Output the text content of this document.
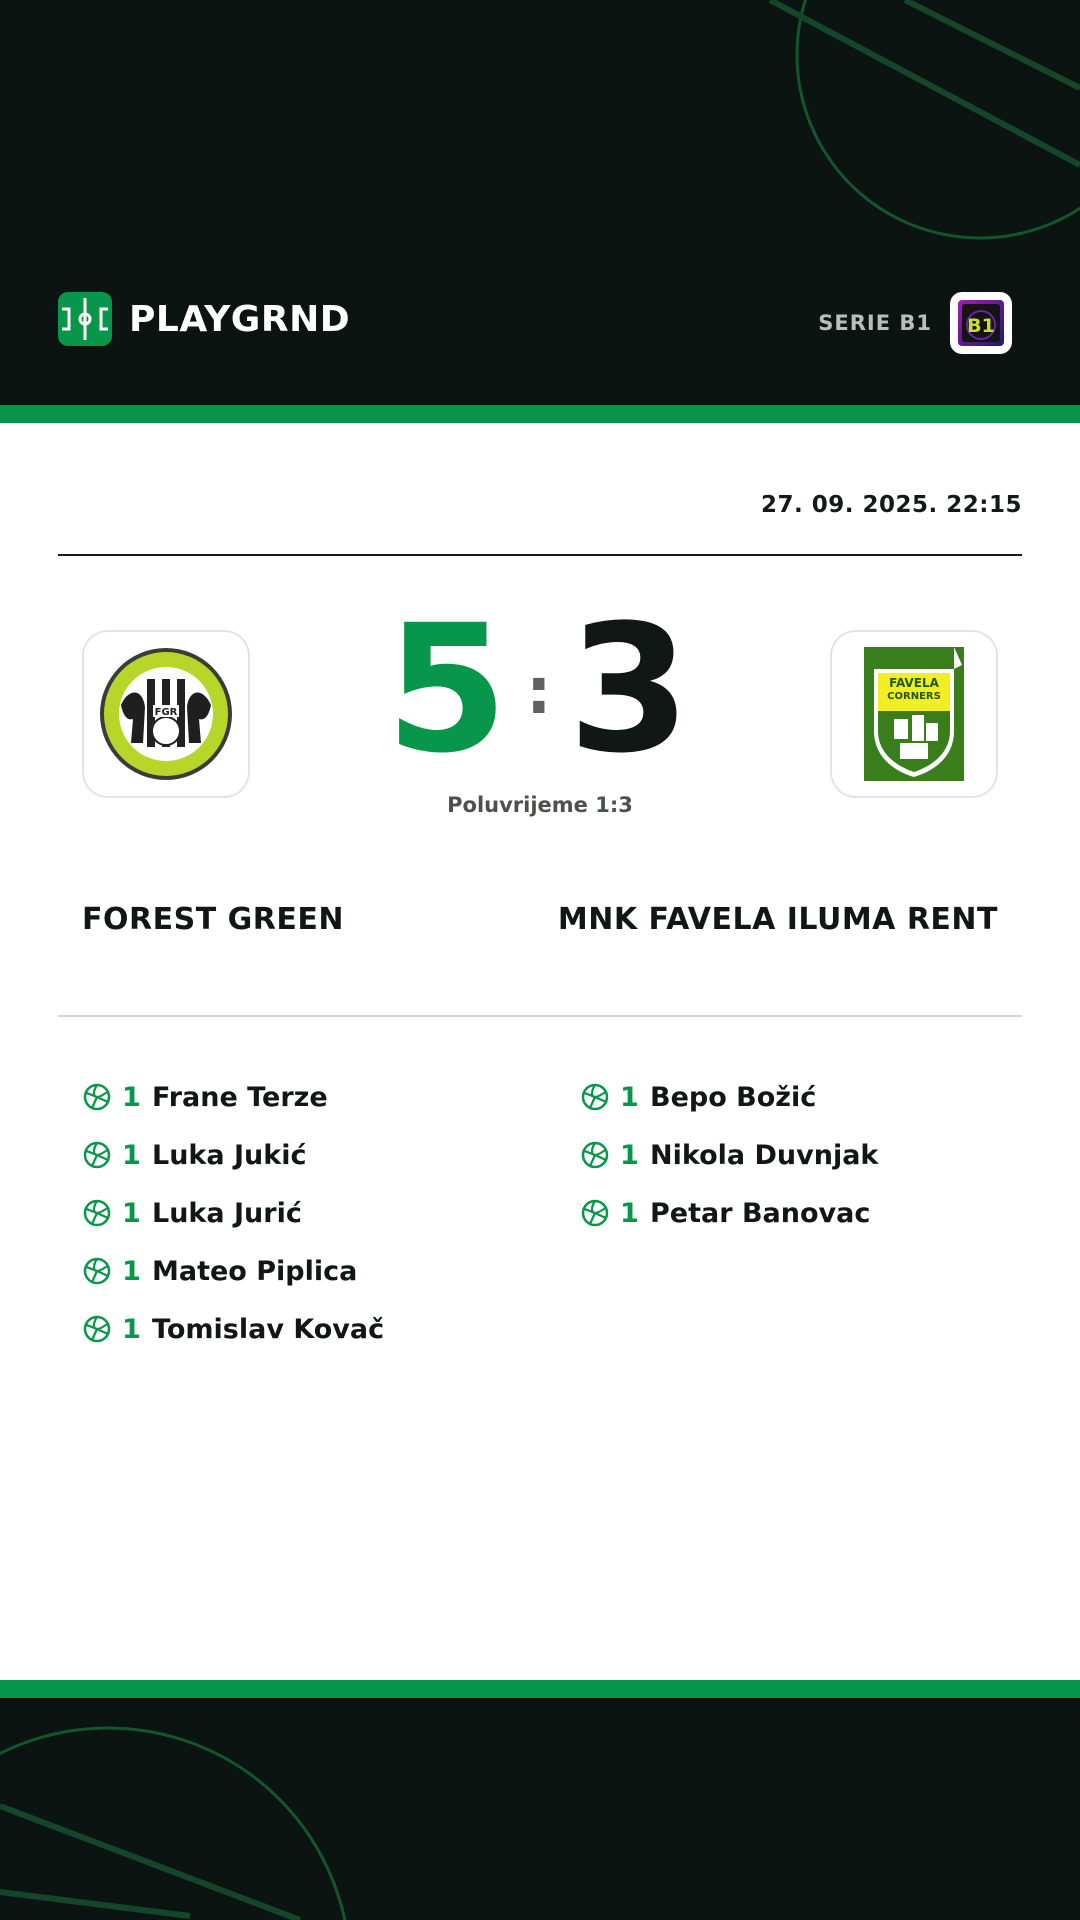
PLAYGRND	SERIE B1 B1
27. 09. 2025. 22:15
FGR 5 : 3
Poluvrijeme 1:3
FAVELA
CORNERS
FOREST GREEN	MNK FAVELA ILUMA RENT
1 Frane Terze
1 Luka Jukić
1 Luka Jurić
1 Mateo Piplica
1 Tomislav Kovač
1 Bepo Božić
1 Nikola Duvnjak
1 Petar Banovac
